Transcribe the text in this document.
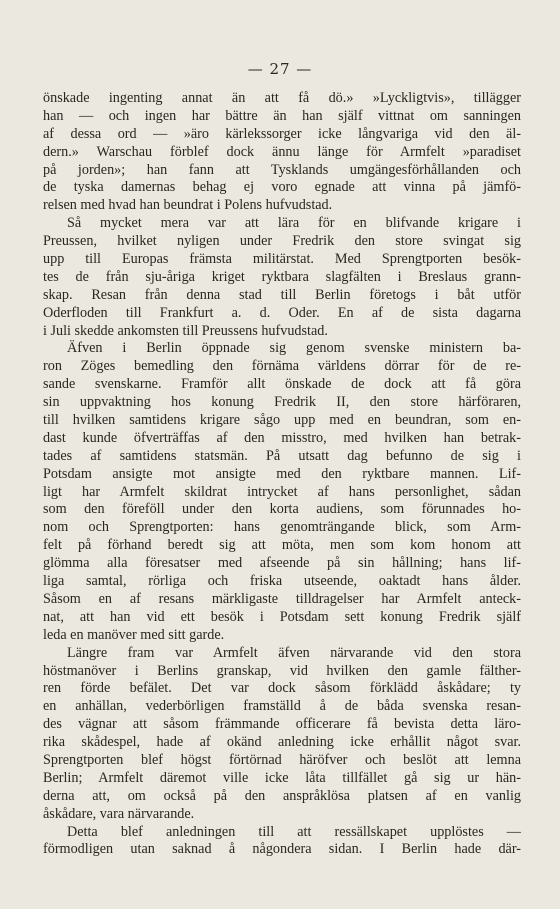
— 27 —
önskade ingenting annat än att få dö.» »Lyckligtvis», tillägger
han — och ingen har bättre än han själf vittnat om sanningen
af dessa ord — »äro kärlekssorger icke långvariga vid den äl-
dern.» Warschau förblef dock ännu länge för Armfelt »paradiset
på jorden»; han fann att Tysklands umgängesförhållanden och
de tyska damernas behag ej voro egnade att vinna på jämfö-
relsen med hvad han beundrat i Polens hufvudstad.
Så mycket mera var att lära för en blifvande krigare i
Preussen, hvilket nyligen under Fredrik den store svingat sig
upp till Europas främsta militärstat. Med Sprengtporten besök-
tes de från sju-åriga kriget ryktbara slagfälten i Breslaus grann-
skap. Resan från denna stad till Berlin företogs i båt utför
Oderfloden till Frankfurt a. d. Oder. En af de sista dagarna
i Juli skedde ankomsten till Preussens hufvudstad.
Äfven i Berlin öppnade sig genom svenske ministern ba-
ron Zöges bemedling den förnäma världens dörrar för de re-
sande svenskarne. Framför allt önskade de dock att få göra
sin uppvaktning hos konung Fredrik II, den store härföraren,
till hvilken samtidens krigare sågo upp med en beundran, som en-
dast kunde öfverträffas af den misstro, med hvilken han betrak-
tades af samtidens statsmän. På utsatt dag befunno de sig i
Potsdam ansigte mot ansigte med den ryktbare mannen. Lif-
ligt har Armfelt skildrat intrycket af hans personlighet, sådan
som den föreföll under den korta audiens, som förunnades ho-
nom och Sprengtporten: hans genomträngande blick, som Arm-
felt på förhand beredt sig att möta, men som kom honom att
glömma alla föresatser med afseende på sin hållning; hans lif-
liga samtal, rörliga och friska utseende, oaktadt hans ålder.
Såsom en af resans märkligaste tilldragelser har Armfelt anteck-
nat, att han vid ett besök i Potsdam sett konung Fredrik själf
leda en manöver med sitt garde.
Längre fram var Armfelt äfven närvarande vid den stora
höstmanöver i Berlins granskap, vid hvilken den gamle fälther-
ren förde befälet. Det var dock såsom förklädd åskådare; ty
en anhällan, vederbörligen framställd å de båda svenska resan-
des vägnar att såsom främmande officerare få bevista detta läro-
rika skådespel, hade af okänd anledning icke erhållit något svar.
Sprengtporten blef högst förtörnad häröfver och beslöt att lemna
Berlin; Armfelt däremot ville icke låta tillfället gå sig ur hän-
derna att, om också på den anspråklösa platsen af en vanlig
åskådare, vara närvarande.
Detta blef anledningen till att ressällskapet upplöstes —
förmodligen utan saknad å någondera sidan. I Berlin hade där-
